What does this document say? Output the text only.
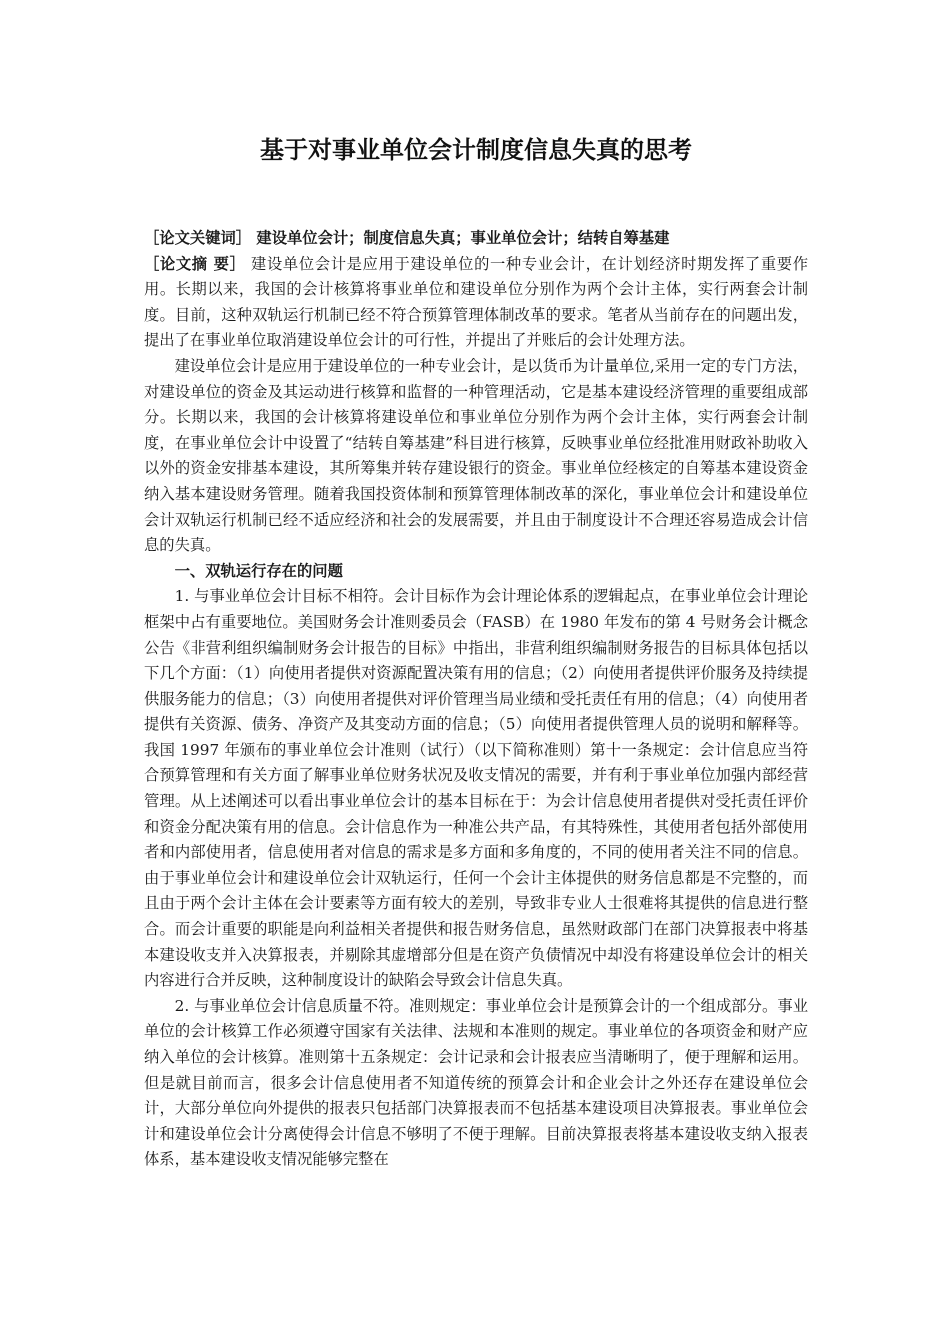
基于对事业单位会计制度信息失真的思考

［论文关键词］ 建设单位会计；制度信息失真；事业单位会计；结转自筹基建

［论文摘 要］ 建设单位会计是应用于建设单位的一种专业会计，在计划经济时期发挥了重要作用。长期以来，我国的会计核算将事业单位和建设单位分别作为两个会计主体，实行两套会计制度。目前，这种双轨运行机制已经不符合预算管理体制改革的要求。笔者从当前存在的问题出发，提出了在事业单位取消建设单位会计的可行性，并提出了并账后的会计处理方法。

建设单位会计是应用于建设单位的一种专业会计，是以货币为计量单位,采用一定的专门方法，对建设单位的资金及其运动进行核算和监督的一种管理活动，它是基本建设经济管理的重要组成部分。长期以来，我国的会计核算将建设单位和事业单位分别作为两个会计主体，实行两套会计制度，在事业单位会计中设置了“结转自筹基建”科目进行核算，反映事业单位经批准用财政补助收入以外的资金安排基本建设，其所筹集并转存建设银行的资金。事业单位经核定的自筹基本建设资金纳入基本建设财务管理。随着我国投资体制和预算管理体制改革的深化，事业单位会计和建设单位会计双轨运行机制已经不适应经济和社会的发展需要，并且由于制度设计不合理还容易造成会计信息的失真。

一、双轨运行存在的问题

1. 与事业单位会计目标不相符。会计目标作为会计理论体系的逻辑起点，在事业单位会计理论框架中占有重要地位。美国财务会计准则委员会（FASB）在 1980 年发布的第 4 号财务会计概念公告《非营利组织编制财务会计报告的目标》中指出，非营利组织编制财务报告的目标具体包括以下几个方面：（1）向使用者提供对资源配置决策有用的信息；（2）向使用者提供评价服务及持续提供服务能力的信息；（3）向使用者提供对评价管理当局业绩和受托责任有用的信息；（4）向使用者提供有关资源、债务、净资产及其变动方面的信息；（5）向使用者提供管理人员的说明和解释等。我国 1997 年颁布的事业单位会计准则（试行）（以下简称准则）第十一条规定：会计信息应当符合预算管理和有关方面了解事业单位财务状况及收支情况的需要，并有利于事业单位加强内部经营管理。从上述阐述可以看出事业单位会计的基本目标在于：为会计信息使用者提供对受托责任评价和资金分配决策有用的信息。会计信息作为一种准公共产品，有其特殊性，其使用者包括外部使用者和内部使用者，信息使用者对信息的需求是多方面和多角度的，不同的使用者关注不同的信息。由于事业单位会计和建设单位会计双轨运行，任何一个会计主体提供的财务信息都是不完整的，而且由于两个会计主体在会计要素等方面有较大的差别，导致非专业人士很难将其提供的信息进行整合。而会计重要的职能是向利益相关者提供和报告财务信息，虽然财政部门在部门决算报表中将基本建设收支并入决算报表，并剔除其虚增部分但是在资产负债情况中却没有将建设单位会计的相关内容进行合并反映，这种制度设计的缺陷会导致会计信息失真。

2. 与事业单位会计信息质量不符。准则规定：事业单位会计是预算会计的一个组成部分。事业单位的会计核算工作必须遵守国家有关法律、法规和本准则的规定。事业单位的各项资金和财产应纳入单位的会计核算。准则第十五条规定：会计记录和会计报表应当清晰明了，便于理解和运用。但是就目前而言，很多会计信息使用者不知道传统的预算会计和企业会计之外还存在建设单位会计，大部分单位向外提供的报表只包括部门决算报表而不包括基本建设项目决算报表。事业单位会计和建设单位会计分离使得会计信息不够明了不便于理解。目前决算报表将基本建设收支纳入报表体系，基本建设收支情况能够完整在
